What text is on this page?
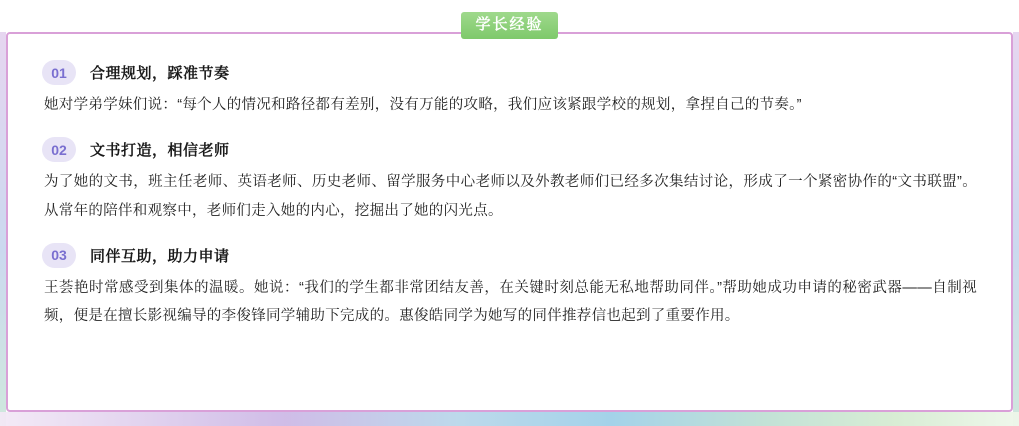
学长经验
01	合理规划，踩准节奏

她对学弟学妹们说：“每个人的情况和路径都有差别，没有万能的攻略，我们应该紧跟学校的规划，拿捏自己的节奏。”

02	文书打造，相信老师

为了她的文书，班主任老师、英语老师、历史老师、留学服务中心老师以及外教老师们已经多次集结讨论，形成了一个紧密协作的“文书联盟”。从常年的陪伴和观察中，老师们走入她的内心，挖掘出了她的闪光点。

03	同伴互助，助力申请

王荟艳时常感受到集体的温暖。她说：“我们的学生都非常团结友善，在关键时刻总能无私地帮助同伴。”帮助她成功申请的秘密武器——自制视频，便是在擅长影视编导的李俊锋同学辅助下完成的。惠俊皓同学为她写的同伴推荐信也起到了重要作用。
